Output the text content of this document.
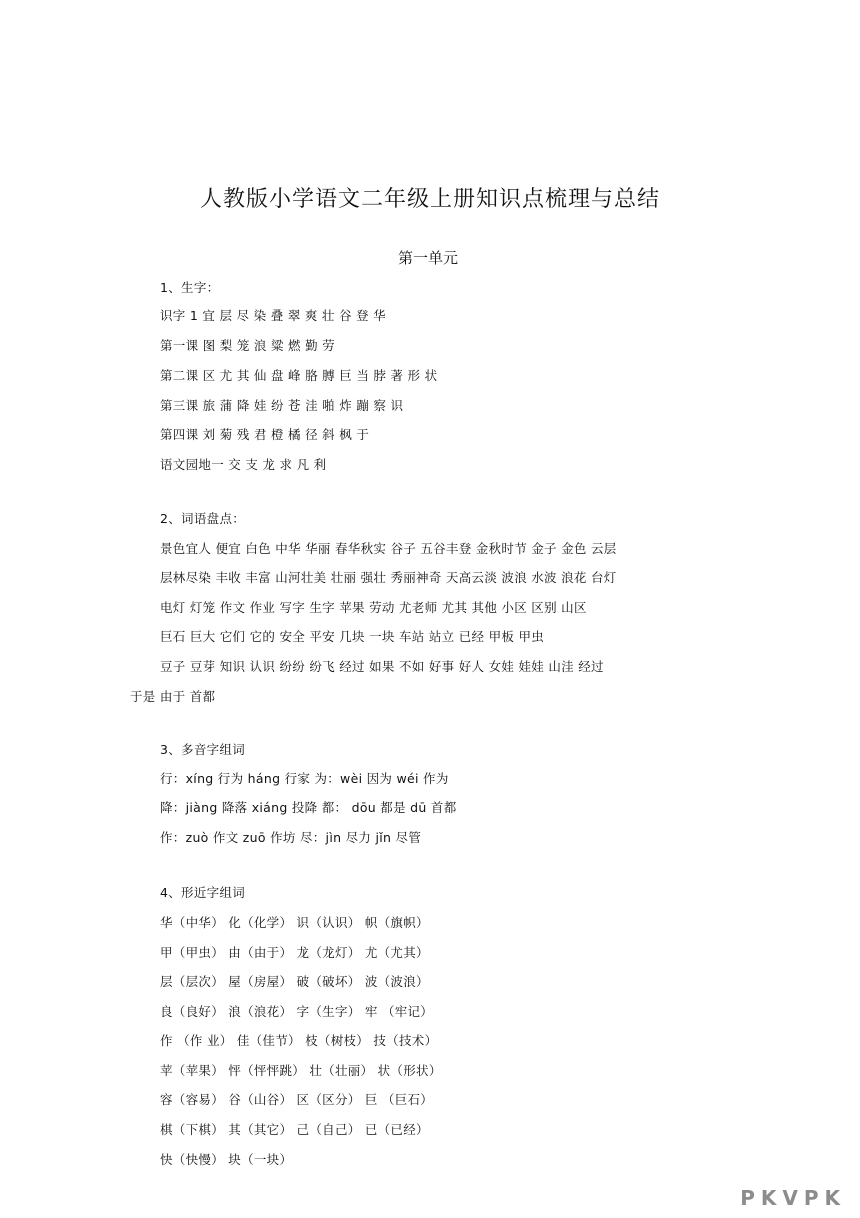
人教版小学语文二年级上册知识点梳理与总结
第一单元
1、生字：
识字 1 宜 层 尽 染 叠 翠 爽 壮 谷 登 华
第一课 图 梨 笼 浪 粱 燃 勤 劳
第二课 区 尤 其 仙 盘 峰 胳 膊 巨 当 脖 著 形 状
第三课 旅 蒲 降 娃 纷 苍 洼 啪 炸 蹦 察 识
第四课 刘 菊 残 君 橙 橘 径 斜 枫 于
语文园地一 交 支 龙 求 凡 利
2、词语盘点：
景色宜人 便宜 白色 中华 华丽 春华秋实 谷子 五谷丰登 金秋时节 金子 金色 云层
层林尽染 丰收 丰富 山河壮美 壮丽 强壮 秀丽神奇 天高云淡 波浪 水波 浪花 台灯
电灯 灯笼 作文 作业 写字 生字 苹果 劳动 尤老师 尤其 其他 小区 区别 山区
巨石 巨大 它们 它的 安全 平安 几块 一块 车站 站立 已经 甲板 甲虫
豆子 豆芽 知识 认识 纷纷 纷飞 经过 如果 不如 好事 好人 女娃 娃娃 山洼 经过
于是 由于 首都
3、多音字组词
行：xíng 行为 háng 行家 为：wèi 因为 wéi 作为
降：jiàng 降落 xiáng 投降 都： dōu 都是 dū 首都
作：zuò 作文 zuō 作坊 尽：jìn 尽力 jǐn 尽管
4、形近字组词
华（中华） 化（化学） 识（认识） 帜（旗帜）
甲（甲虫） 由（由于） 龙（龙灯） 尤（尤其）
层（层次） 屋（房屋） 破（破坏） 波（波浪）
良（良好） 浪（浪花） 字（生字） 牢 （牢记）
作 （作 业） 佳（佳节） 枝（树枝） 技（技术）
苹（苹果） 怦（怦怦跳） 壮（壮丽） 状（形状）
容（容易） 谷（山谷） 区（区分） 巨 （巨石）
棋（下棋） 其（其它） 己（自己） 已（已经）
快（快慢） 块（一块）
PKVPK
